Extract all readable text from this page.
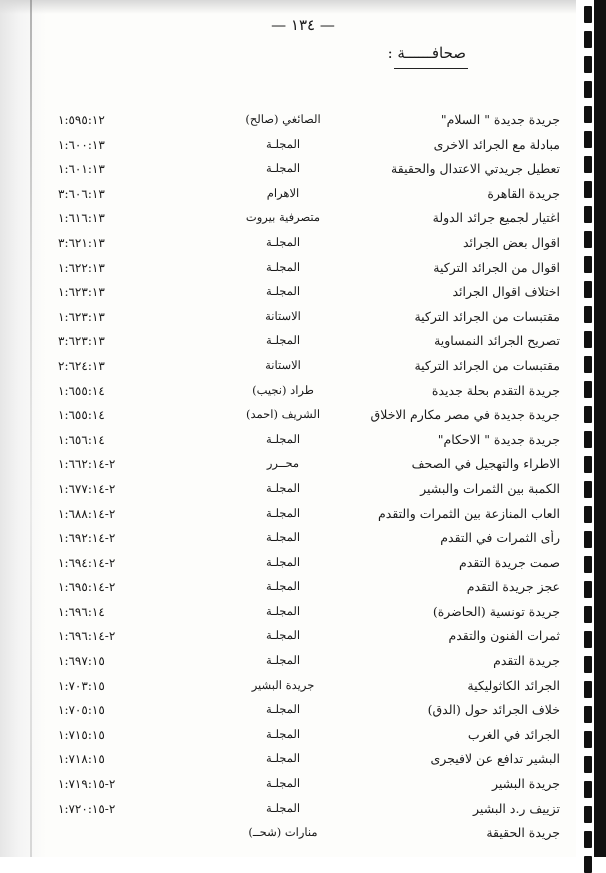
— ١٣٤ —
صحافــــــة :
جريدة جديدة " السلام"
الصائغي (صالح)
١:٥٩٥:١٢
مبادلة مع الجرائد الاخرى
المجلـة
١:٦٠٠:١٣
تعطيل جريدتي الاعتدال والحقيقة
المجلـة
١:٦٠١:١٣
جريدة القاهرة
الاهرام
٣:٦٠٦:١٣
اغتيار لجميع جرائد الدولة
متصرفية بيروت
١:٦١٦:١٣
اقوال بعض الجرائد
المجلـة
٣:٦٢١:١٣
اقوال من الجرائد التركية
المجلـة
١:٦٢٢:١٣
اختلاف اقوال الجرائد
المجلـة
١:٦٢٣:١٣
مقتبسات من الجرائد التركية
الاستانة
١:٦٢٣:١٣
تصريح الجرائد النمساوية
المجلـة
٣:٦٢٣:١٣
مقتبسات من الجرائد التركية
الاستانة
٢:٦٢٤:١٣
جريدة التقدم بحلة جديدة
طراد (نجيب)
١:٦٥٥:١٤
جريدة جديدة في مصر مكارم الاخلاق
الشريف (احمد)
١:٦٥٥:١٤
جريدة جديدة " الاحكام"
المجلـة
١:٦٥٦:١٤
الاطراء والتهجيل في الصحف
محــرر
٢-١:٦٦٢:١٤
الكمبة بين الثمرات والبشير
المجلـة
٢-١:٦٧٧:١٤
العاب المنازعة بين الثمرات والتقدم
المجلـة
٢-١:٦٨٨:١٤
رأى الثمرات في التقدم
المجلـة
٢-١:٦٩٢:١٤
صمت جريدة التقدم
المجلـة
٢-١:٦٩٤:١٤
عجز جريدة التقدم
المجلـة
٢-١:٦٩٥:١٤
جريدة تونسية (الحاضرة)
المجلـة
١:٦٩٦:١٤
ثمرات الفنون والتقدم
المجلـة
٢-١:٦٩٦:١٤
جريدة التقدم
المجلـة
١:٦٩٧:١٥
الجرائد الكاثوليكية
جريدة البشير
١:٧٠٣:١٥
خلاف الجرائد حول (الدق)
المجلـة
١:٧٠٥:١٥
الجرائد في الغرب
المجلـة
١:٧١٥:١٥
البشير تدافع عن لافيجرى
المجلـة
١:٧١٨:١٥
جريدة البشير
المجلـة
٢-١:٧١٩:١٥
تزييف ر.د البشير
المجلـة
٢-١:٧٢٠:١٥
جريدة الحقيقة
منارات (شحــ)
